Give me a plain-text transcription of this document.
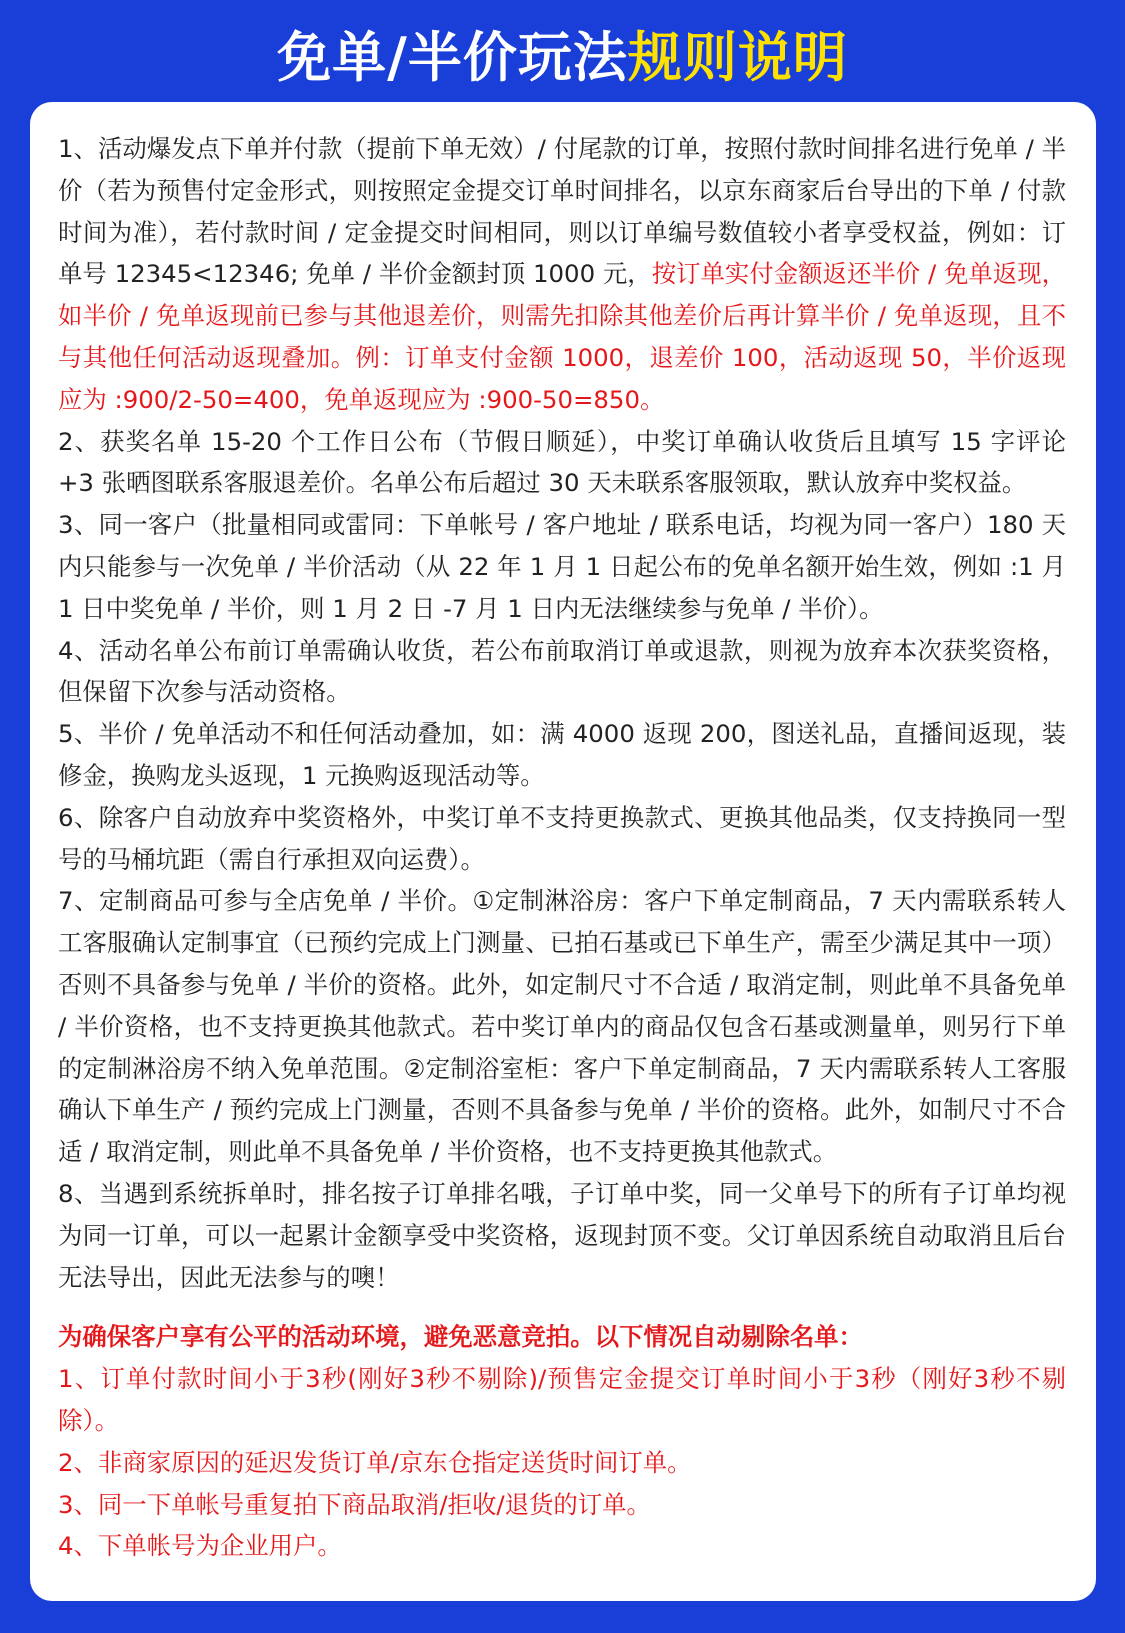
免单/半价玩法规则说明

1、活动爆发点下单并付款（提前下单无效）/ 付尾款的订单，按照付款时间排名进行免单 / 半价（若为预售付定金形式，则按照定金提交订单时间排名，以京东商家后台导出的下单 / 付款时间为准），若付款时间 / 定金提交时间相同，则以订单编号数值较小者享受权益，例如：订单号 12345<12346; 免单 / 半价金额封顶 1000 元，按订单实付金额返还半价 / 免单返现，如半价 / 免单返现前已参与其他退差价，则需先扣除其他差价后再计算半价 / 免单返现，且不与其他任何活动返现叠加。例：订单支付金额 1000，退差价 100，活动返现 50，半价返现应为 :900/2-50=400，免单返现应为 :900-50=850。

2、获奖名单 15-20 个工作日公布（节假日顺延），中奖订单确认收货后且填写 15 字评论 +3 张晒图联系客服退差价。名单公布后超过 30 天未联系客服领取，默认放弃中奖权益。

3、同一客户（批量相同或雷同：下单帐号 / 客户地址 / 联系电话，均视为同一客户）180 天内只能参与一次免单 / 半价活动（从 22 年 1 月 1 日起公布的免单名额开始生效，例如 :1 月 1 日中奖免单 / 半价，则 1 月 2 日 -7 月 1 日内无法继续参与免单 / 半价）。

4、活动名单公布前订单需确认收货，若公布前取消订单或退款，则视为放弃本次获奖资格，但保留下次参与活动资格。

5、半价 / 免单活动不和任何活动叠加，如：满 4000 返现 200，图送礼品，直播间返现，装修金，换购龙头返现，1 元换购返现活动等。

6、除客户自动放弃中奖资格外，中奖订单不支持更换款式、更换其他品类，仅支持换同一型号的马桶坑距（需自行承担双向运费）。

7、定制商品可参与全店免单 / 半价。①定制淋浴房：客户下单定制商品，7 天内需联系转人工客服确认定制事宜（已预约完成上门测量、已拍石基或已下单生产，需至少满足其中一项）否则不具备参与免单 / 半价的资格。此外，如定制尺寸不合适 / 取消定制，则此单不具备免单 / 半价资格，也不支持更换其他款式。若中奖订单内的商品仅包含石基或测量单，则另行下单的定制淋浴房不纳入免单范围。②定制浴室柜：客户下单定制商品，7 天内需联系转人工客服确认下单生产 / 预约完成上门测量，否则不具备参与免单 / 半价的资格。此外，如制尺寸不合适 / 取消定制，则此单不具备免单 / 半价资格，也不支持更换其他款式。

8、当遇到系统拆单时，排名按子订单排名哦，子订单中奖，同一父单号下的所有子订单均视为同一订单，可以一起累计金额享受中奖资格，返现封顶不变。父订单因系统自动取消且后台无法导出，因此无法参与的噢！

为确保客户享有公平的活动环境，避免恶意竞拍。以下情况自动剔除名单：

1、订单付款时间小于3秒(刚好3秒不剔除)/预售定金提交订单时间小于3秒（刚好3秒不剔除）。

2、非商家原因的延迟发货订单/京东仓指定送货时间订单。

3、同一下单帐号重复拍下商品取消/拒收/退货的订单。

4、下单帐号为企业用户。
